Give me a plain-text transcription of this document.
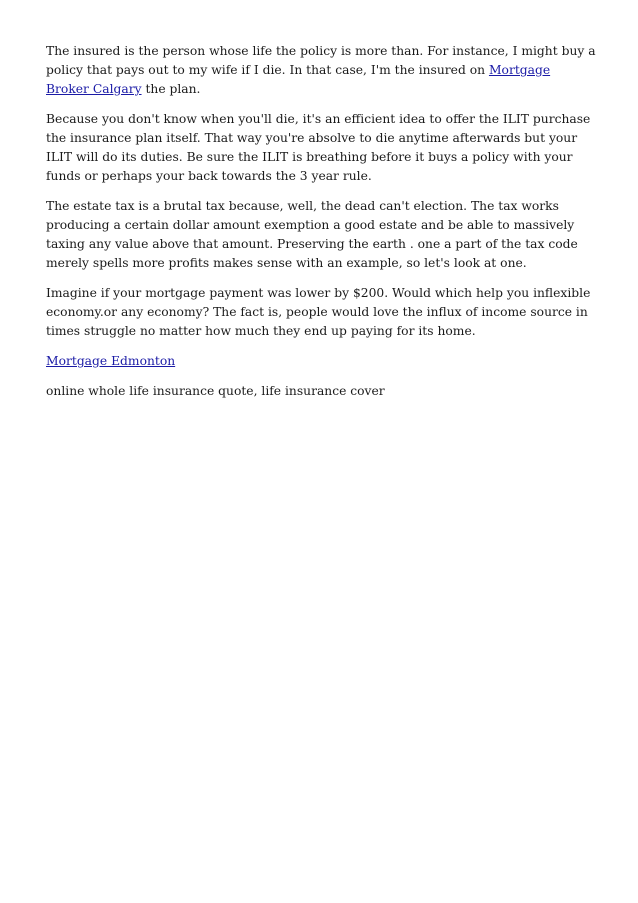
The insured is the person whose life the policy is more than. For instance, I might buy a policy that pays out to my wife if I die. In that case, I'm the insured on Mortgage Broker Calgary the plan.

Because you don't know when you'll die, it's an efficient idea to offer the ILIT purchase the insurance plan itself. That way you're absolve to die anytime afterwards but your ILIT will do its duties. Be sure the ILIT is breathing before it buys a policy with your funds or perhaps your back towards the 3 year rule.

The estate tax is a brutal tax because, well, the dead can't election. The tax works producing a certain dollar amount exemption a good estate and be able to massively taxing any value above that amount. Preserving the earth . one a part of the tax code merely spells more profits makes sense with an example, so let's look at one.

Imagine if your mortgage payment was lower by $200. Would which help you inflexible economy.or any economy? The fact is, people would love the influx of income source in times struggle no matter how much they end up paying for its home.

Mortgage Edmonton

online whole life insurance quote, life insurance cover
